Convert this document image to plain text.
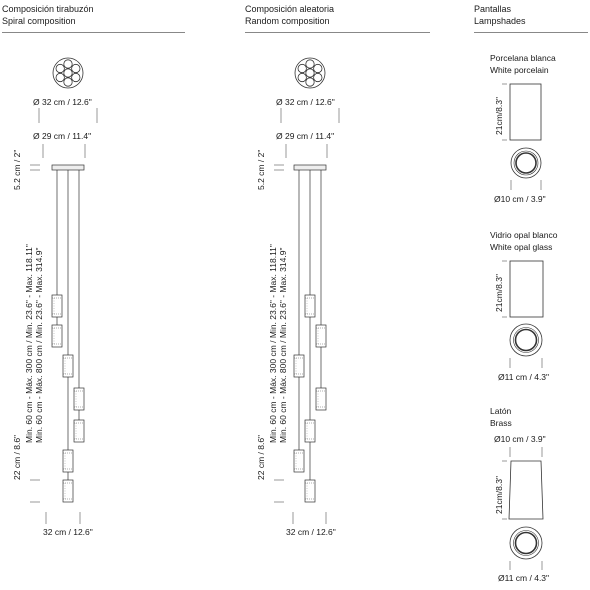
Composición tirabuzón
Spiral composition
Composición aleatoria
Random composition
Pantallas
Lampshades
Ø 32 cm / 12.6"
Ø 29 cm / 11.4"
5.2 cm / 2"
Min. 60 cm - Máx. 300 cm / Min. 23.6" - Max. 118.11" Min. 60 cm - Máx. 800 cm / Min. 23.6" - Max. 314.9"
22 cm / 8.6"
32 cm / 12.6"
Ø 32 cm / 12.6"
Ø 29 cm / 11.4"
5.2 cm / 2"
Min. 60 cm - Máx. 300 cm / Min. 23.6" - Max. 118.11" Min. 60 cm - Máx. 800 cm / Min. 23.6" - Max. 314.9"
22 cm / 8.6"
32 cm / 12.6"
Porcelana blanca
White porcelain
21cm/8.3"
Ø10 cm / 3.9"
Vidrio opal blanco
White opal glass
21cm/8.3"
Ø11 cm / 4.3"
Latón
Brass
Ø10 cm / 3.9"
21cm/8.3"
Ø11 cm / 4.3"
